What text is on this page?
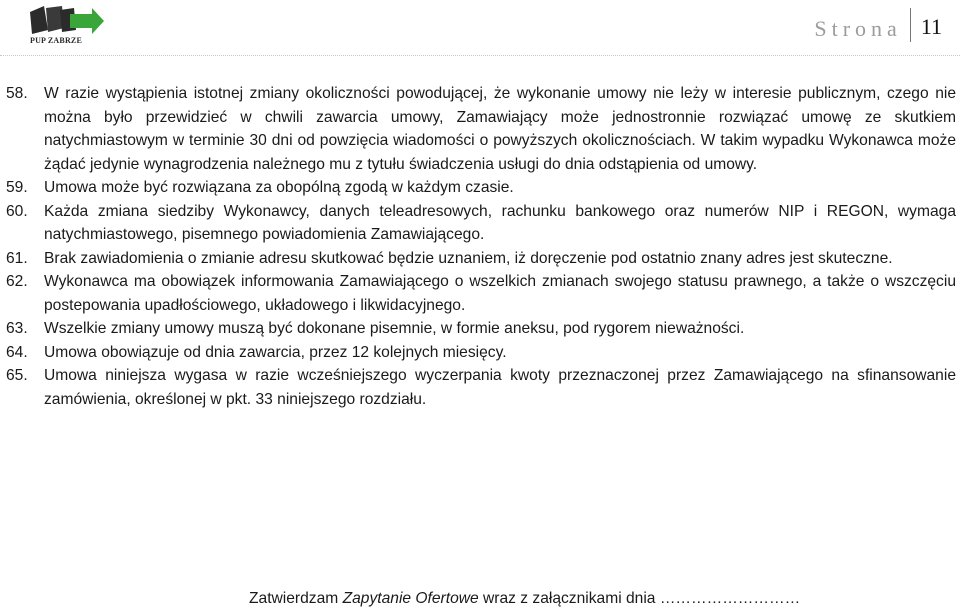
PUP ZABRZE	Strona 11
58.	W razie wystąpienia istotnej zmiany okoliczności powodującej, że wykonanie umowy nie leży w interesie publicznym, czego nie można było przewidzieć w chwili zawarcia umowy, Zamawiający może jednostronnie rozwiązać umowę ze skutkiem natychmiastowym w terminie 30 dni od powzięcia wiadomości o powyższych okolicznościach. W takim wypadku Wykonawca może żądać jedynie wynagrodzenia należnego mu z tytułu świadczenia usługi do dnia odstąpienia od umowy.
59.	Umowa może być rozwiązana za obopólną zgodą w każdym czasie.
60.	Każda zmiana siedziby Wykonawcy, danych teleadresowych, rachunku bankowego oraz numerów NIP i REGON, wymaga natychmiastowego, pisemnego powiadomienia Zamawiającego.
61.	Brak zawiadomienia o zmianie adresu skutkować będzie uznaniem, iż doręczenie pod ostatnio znany adres jest skuteczne.
62.	Wykonawca ma obowiązek informowania Zamawiającego o wszelkich zmianach swojego statusu prawnego, a także o wszczęciu postepowania upadłościowego, układowego i likwidacyjnego.
63.	Wszelkie zmiany umowy muszą być dokonane pisemnie, w formie aneksu, pod rygorem nieważności.
64.	Umowa obowiązuje od dnia zawarcia, przez 12 kolejnych miesięcy.
65.	Umowa niniejsza wygasa w razie wcześniejszego wyczerpania kwoty przeznaczonej przez Zamawiającego na sfinansowanie zamówienia, określonej w pkt. 33 niniejszego rozdziału.
Zatwierdzam Zapytanie Ofertowe wraz z załącznikami dnia ………………………
